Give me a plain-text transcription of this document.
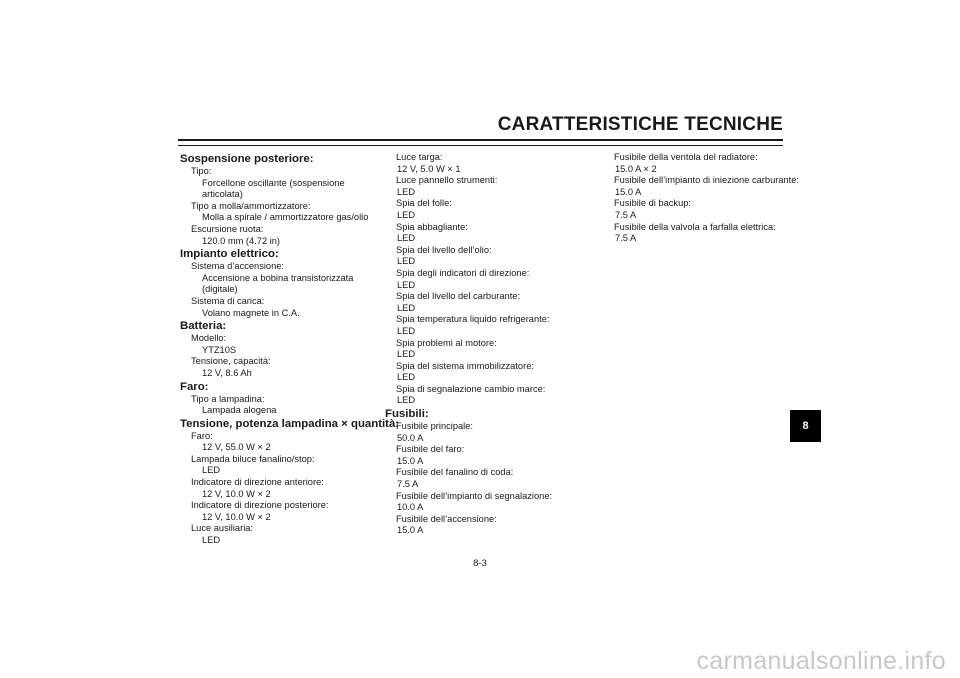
CARATTERISTICHE TECNICHE
Sospensione posteriore:
Tipo:
Forcellone oscillante (sospensione articolata)
Tipo a molla/ammortizzatore:
Molla a spirale / ammortizzatore gas/olio
Escursione ruota:
120.0 mm (4.72 in)
Impianto elettrico:
Sistema d’accensione:
Accensione a bobina transistorizzata (digitale)
Sistema di carica:
Volano magnete in C.A.
Batteria:
Modello:
YTZ10S
Tensione, capacità:
12 V, 8.6 Ah
Faro:
Tipo a lampadina:
Lampada alogena
Tensione, potenza lampadina × quantità:
Faro:
12 V, 55.0 W × 2
Lampada biluce fanalino/stop:
LED
Indicatore di direzione anteriore:
12 V, 10.0 W × 2
Indicatore di direzione posteriore:
12 V, 10.0 W × 2
Luce ausiliaria:
LED
Luce targa:
12 V, 5.0 W × 1
Luce pannello strumenti:
LED
Spia del folle:
LED
Spia abbagliante:
LED
Spia del livello dell’olio:
LED
Spia degli indicatori di direzione:
LED
Spia del livello del carburante:
LED
Spia temperatura liquido refrigerante:
LED
Spia problemi al motore:
LED
Spia del sistema immobilizzatore:
LED
Spia di segnalazione cambio marce:
LED
Fusibili:
Fusibile principale:
50.0 A
Fusibile del faro:
15.0 A
Fusibile del fanalino di coda:
7.5 A
Fusibile dell’impianto di segnalazione:
10.0 A
Fusibile dell’accensione:
15.0 A
Fusibile della ventola del radiatore:
15.0 A × 2
Fusibile dell’impianto di iniezione carburante:
15.0 A
Fusibile di backup:
7.5 A
Fusibile della valvola a farfalla elettrica:
7.5 A
8
8-3
carmanualsonline.info
